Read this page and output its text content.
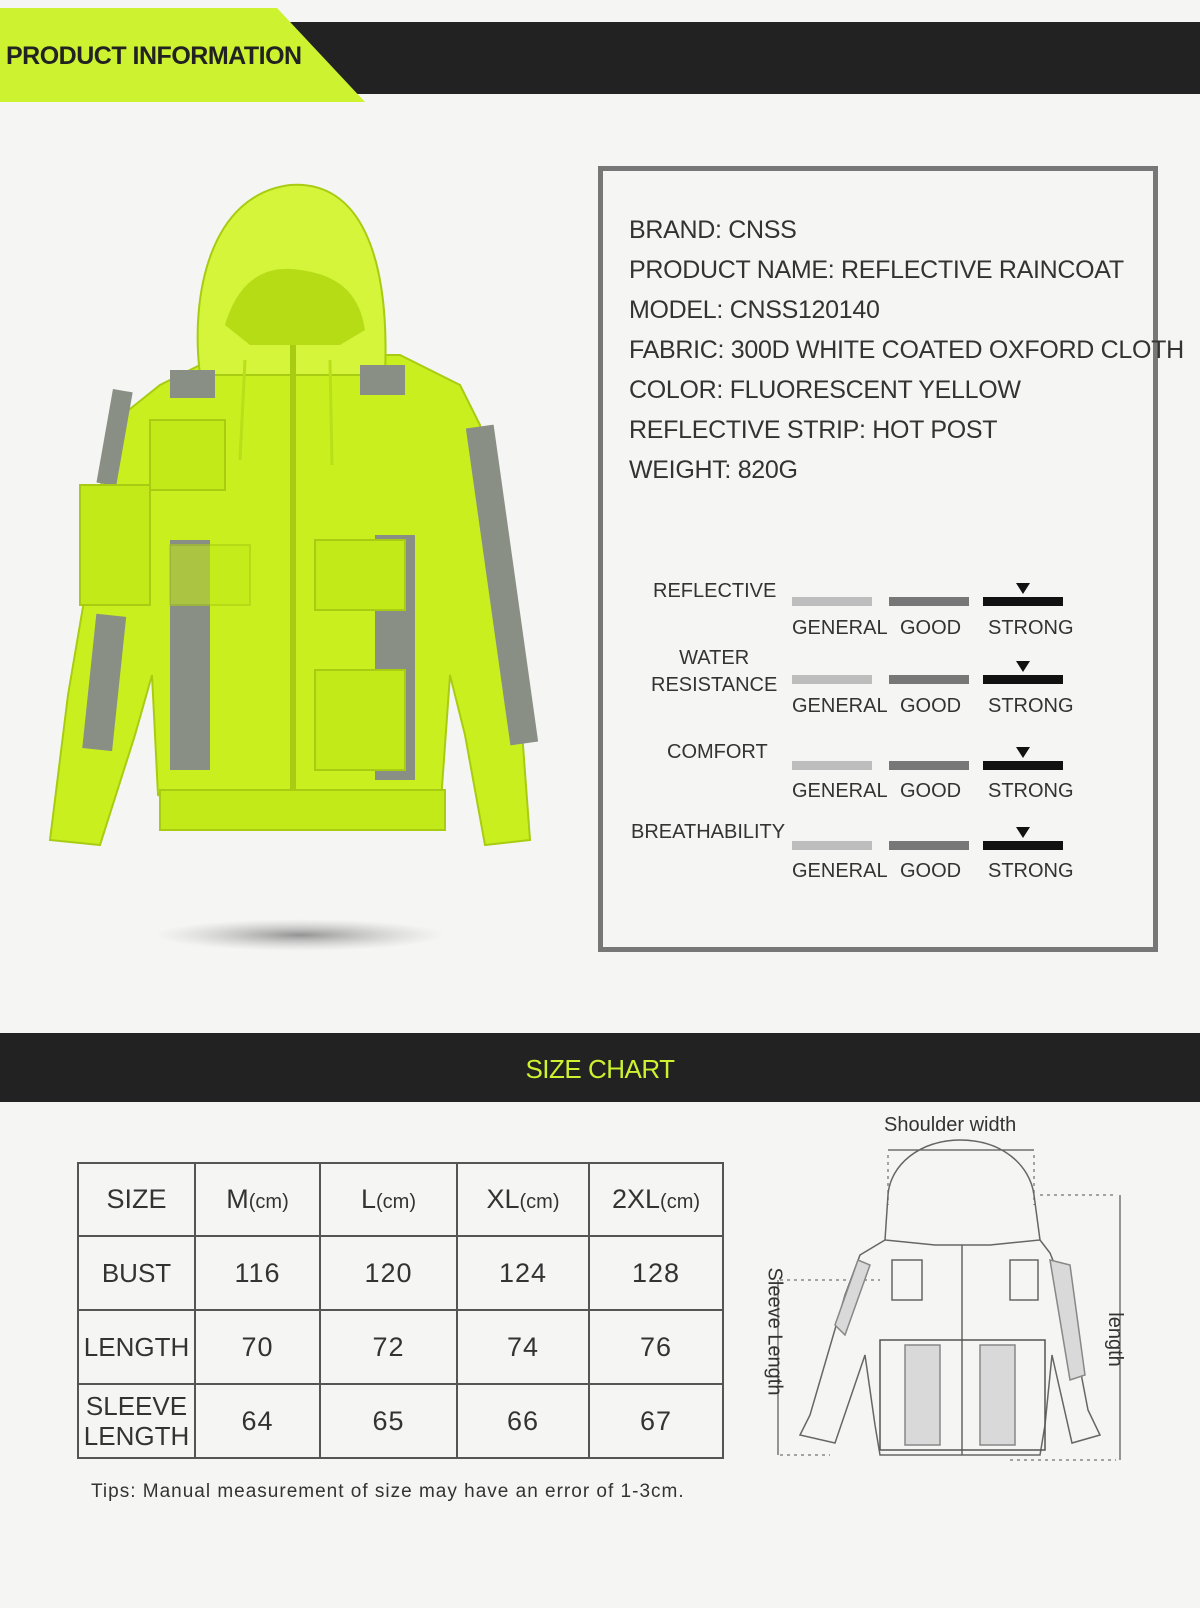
PRODUCT INFORMATION
BRAND: CNSS
PRODUCT NAME: REFLECTIVE RAINCOAT
MODEL: CNSS120140
FABRIC: 300D WHITE COATED OXFORD CLOTH
COLOR: FLUORESCENT YELLOW
REFLECTIVE STRIP: HOT POST
WEIGHT: 820G
REFLECTIVE
GENERAL GOOD STRONG
WATER
RESISTANCE
GENERAL GOOD STRONG
COMFORT
GENERAL GOOD STRONG
BREATHABILITY
GENERAL GOOD STRONG
SIZE CHART
SIZE	M(cm)	L(cm)	XL(cm)	2XL(cm)
BUST	116	120	124	128
LENGTH	70	72	74	76
SLEEVE
LENGTH	64	65	66	67
Tips: Manual measurement of size may have an error of 1-3cm.
Shoulder width
Sleeve Length	length
